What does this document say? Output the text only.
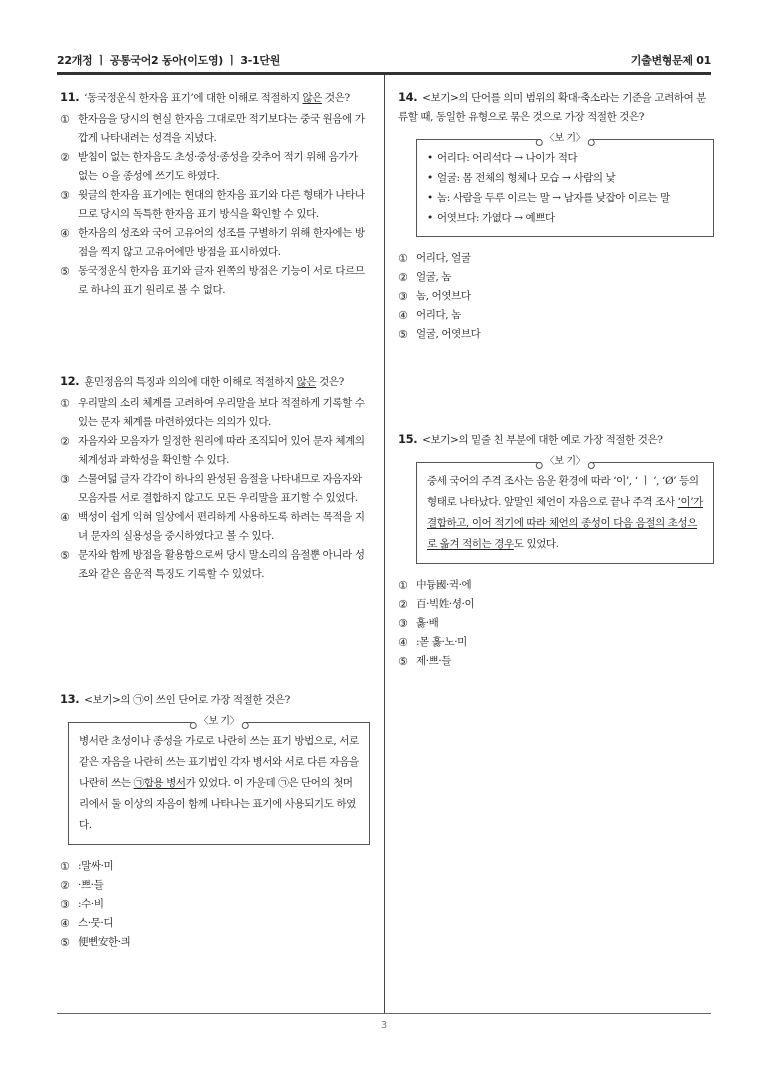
22개정 ㅣ 공통국어2 동아(이도영) ㅣ 3-1단원	기출변형문제 01
3

11. ‘동국정운식 한자음 표기’에 대한 이해로 적절하지 않은 것은?

① 한자음을 당시의 현실 한자음 그대로만 적기보다는 중국 원음에 가깝게 나타내려는 성격을 지녔다.
② 받침이 없는 한자음도 초성·중성·종성을 갖추어 적기 위해 음가가 없는 ㅇ을 종성에 쓰기도 하였다.
③ 윗글의 한자음 표기에는 현대의 한자음 표기와 다른 형태가 나타나므로 당시의 독특한 한자음 표기 방식을 확인할 수 있다.
④ 한자음의 성조와 국어 고유어의 성조를 구별하기 위해 한자에는 방점을 찍지 않고 고유어에만 방점을 표시하였다.
⑤ 동국정운식 한자음 표기와 글자 왼쪽의 방점은 기능이 서로 다르므로 하나의 표기 원리로 볼 수 없다.

12. 훈민정음의 특징과 의의에 대한 이해로 적절하지 않은 것은?

① 우리말의 소리 체계를 고려하여 우리말을 보다 적절하게 기록할 수 있는 문자 체계를 마련하였다는 의의가 있다.
② 자음자와 모음자가 일정한 원리에 따라 조직되어 있어 문자 체계의 체계성과 과학성을 확인할 수 있다.
③ 스물여덟 글자 각각이 하나의 완성된 음절을 나타내므로 자음자와 모음자를 서로 결합하지 않고도 모든 우리말을 표기할 수 있었다.
④ 백성이 쉽게 익혀 일상에서 편리하게 사용하도록 하려는 목적을 지녀 문자의 실용성을 중시하였다고 볼 수 있다.
⑤ 문자와 함께 방점을 활용함으로써 당시 말소리의 음절뿐 아니라 성조와 같은 음운적 특징도 기록할 수 있었다.

13. <보기>의 ㉠이 쓰인 단어로 가장 적절한 것은?

〈보 기〉
병서란 초성이나 종성을 가로로 나란히 쓰는 표기 방법으로, 서로 같은 자음을 나란히 쓰는 표기법인 각자 병서와 서로 다른 자음을 나란히 쓰는 ㉠합용 병서가 있었다. 이 가운데 ㉠은 단어의 첫머리에서 둘 이상의 자음이 함께 나타나는 표기에 사용되기도 하였다.
① :말싸·미
② ·쁘·들
③ :수·비
④ 스·뭇·디
⑤ 便뼌安한·킈

14. <보기>의 단어를 의미 범위의 확대·축소라는 기준을 고려하여 분류할 때, 동일한 유형으로 묶은 것으로 가장 적절한 것은?

〈보 기〉
• 어리다: 어리석다 → 나이가 적다
• 얼굴: 몸 전체의 형체나 모습 → 사람의 낯
• 놈: 사람을 두루 이르는 말 → 남자를 낮잡아 이르는 말
• 어엿브다: 가엾다 → 예쁘다
① 어리다, 얼굴
② 얼굴, 놈
③ 놈, 어엿브다
④ 어리다, 놈
⑤ 얼굴, 어엿브다

15. <보기>의 밑줄 친 부분에 대한 예로 가장 적절한 것은?

〈보 기〉
중세 국어의 주격 조사는 음운 환경에 따라 ‘이’, ‘ ㅣ ’, ‘Ø’ 등의 형태로 나타났다. 앞말인 체언이 자음으로 끝나 주격 조사 ‘이’가 결합하고, 이어 적기에 따라 체언의 종성이 다음 음절의 초성으로 옮겨 적히는 경우도 있었다.
① 中듕國·귁·에
② 百·빅姓·셩·이
③ 홇·배
④ :몯 홇·노·미
⑤ 제·쁘·들
